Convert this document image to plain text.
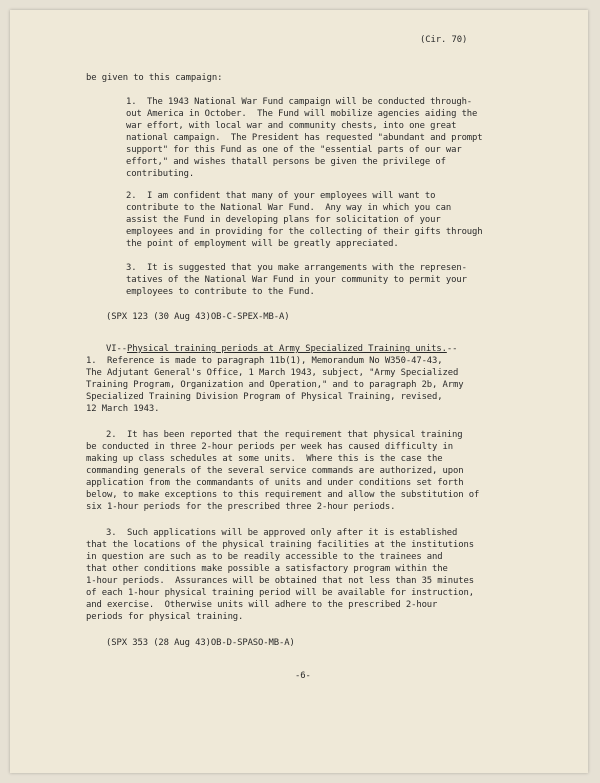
(Cir. 70)
be given to this campaign:
1.  The 1943 National War Fund campaign will be conducted through-
out America in October.  The Fund will mobilize agencies aiding the
war effort, with local war and community chests, into one great
national campaign.  The President has requested "abundant and prompt
support" for this Fund as one of the "essential parts of our war
effort," and wishes thatall persons be given the privilege of
contributing.
2.  I am confident that many of your employees will want to
contribute to the National War Fund.  Any way in which you can
assist the Fund in developing plans for solicitation of your
employees and in providing for the collecting of their gifts through
the point of employment will be greatly appreciated.
3.  It is suggested that you make arrangements with the represen-
tatives of the National War Fund in your community to permit your
employees to contribute to the Fund.
(SPX 123 (30 Aug 43)OB-C-SPEX-MB-A)
VI--Physical training periods at Army Specialized Training units.--
1.  Reference is made to paragraph 11b(1), Memorandum No W350-47-43,
The Adjutant General's Office, 1 March 1943, subject, "Army Specialized
Training Program, Organization and Operation," and to paragraph 2b, Army
Specialized Training Division Program of Physical Training, revised,
12 March 1943.
2.  It has been reported that the requirement that physical training
be conducted in three 2-hour periods per week has caused difficulty in
making up class schedules at some units.  Where this is the case the
commanding generals of the several service commands are authorized, upon
application from the commandants of units and under conditions set forth
below, to make exceptions to this requirement and allow the substitution of
six 1-hour periods for the prescribed three 2-hour periods.
3.  Such applications will be approved only after it is established
that the locations of the physical training facilities at the institutions
in question are such as to be readily accessible to the trainees and
that other conditions make possible a satisfactory program within the
1-hour periods.  Assurances will be obtained that not less than 35 minutes
of each 1-hour physical training period will be available for instruction,
and exercise.  Otherwise units will adhere to the prescribed 2-hour
periods for physical training.
(SPX 353 (28 Aug 43)OB-D-SPASO-MB-A)
-6-
